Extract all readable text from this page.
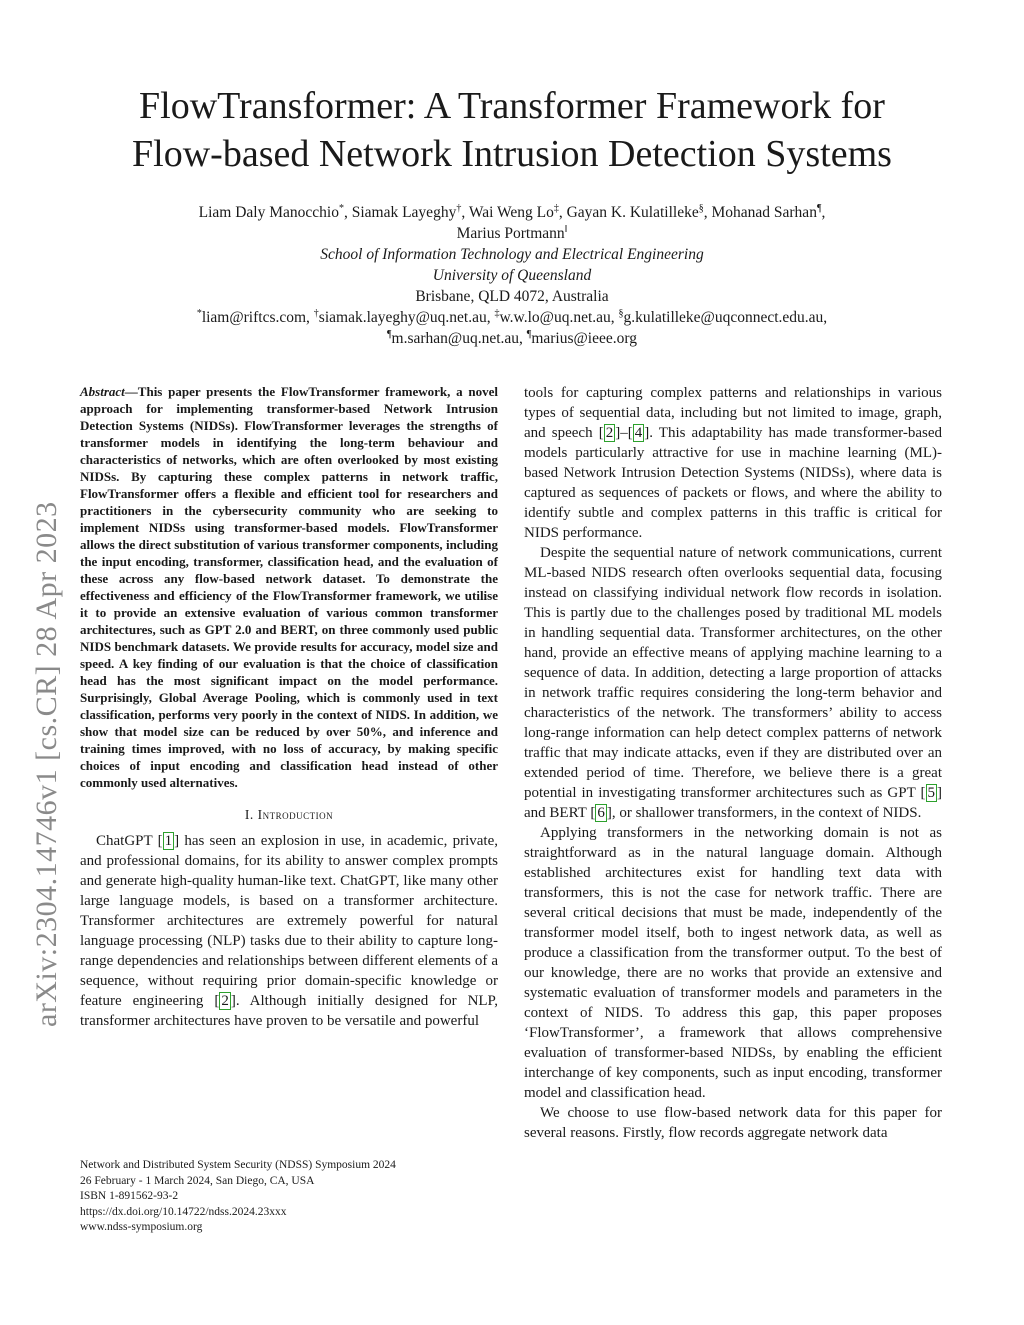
arXiv:2304.14746v1 [cs.CR] 28 Apr 2023
FlowTransformer: A Transformer Framework for
Flow-based Network Intrusion Detection Systems
Liam Daly Manocchio*, Siamak Layeghy†, Wai Weng Lo‡, Gayan K. Kulatilleke§, Mohanad Sarhan¶,
Marius Portmann‖
School of Information Technology and Electrical Engineering
University of Queensland
Brisbane, QLD 4072, Australia
*liam@riftcs.com, †siamak.layeghy@uq.net.au, ‡w.w.lo@uq.net.au, §g.kulatilleke@uqconnect.edu.au,
¶m.sarhan@uq.net.au, ¶marius@ieee.org

Abstract—This paper presents the FlowTransformer framework, a novel approach for implementing transformer-based Network Intrusion Detection Systems (NIDSs). FlowTransformer leverages the strengths of transformer models in identifying the long-term behaviour and characteristics of networks, which are often overlooked by most existing NIDSs. By capturing these complex patterns in network traffic, FlowTransformer offers a flexible and efficient tool for researchers and practitioners in the cybersecurity community who are seeking to implement NIDSs using transformer-based models. FlowTransformer allows the direct substitution of various transformer components, including the input encoding, transformer, classification head, and the evaluation of these across any flow-based network dataset. To demonstrate the effectiveness and efficiency of the FlowTransformer framework, we utilise it to provide an extensive evaluation of various common transformer architectures, such as GPT 2.0 and BERT, on three commonly used public NIDS benchmark datasets. We provide results for accuracy, model size and speed. A key finding of our evaluation is that the choice of classification head has the most significant impact on the model performance. Surprisingly, Global Average Pooling, which is commonly used in text classification, performs very poorly in the context of NIDS. In addition, we show that model size can be reduced by over 50%, and inference and training times improved, with no loss of accuracy, by making specific choices of input encoding and classification head instead of other commonly used alternatives.

I. Introduction

ChatGPT [ 1 ] has seen an explosion in use, in academic, private, and professional domains, for its ability to answer complex prompts and generate high-quality human-like text. ChatGPT, like many other large language models, is based on a transformer architecture. Transformer architectures are extremely powerful for natural language processing (NLP) tasks due to their ability to capture long-range dependencies and relationships between different elements of a sequence, without requiring prior domain-specific knowledge or feature engineering [ 2 ]. Although initially designed for NLP, transformer architectures have proven to be versatile and powerful

tools for capturing complex patterns and relationships in various types of sequential data, including but not limited to image, graph, and speech [ 2 ]–[ 4 ]. This adaptability has made transformer-based models particularly attractive for use in machine learning (ML)-based Network Intrusion Detection Systems (NIDSs), where data is captured as sequences of packets or flows, and where the ability to identify subtle and complex patterns in this traffic is critical for NIDS performance.

Despite the sequential nature of network communications, current ML-based NIDS research often overlooks sequential data, focusing instead on classifying individual network flow records in isolation. This is partly due to the challenges posed by traditional ML models in handling sequential data. Transformer architectures, on the other hand, provide an effective means of applying machine learning to a sequence of data. In addition, detecting a large proportion of attacks in network traffic requires considering the long-term behavior and characteristics of the network. The transformers’ ability to access long-range information can help detect complex patterns of network traffic that may indicate attacks, even if they are distributed over an extended period of time. Therefore, we believe there is a great potential in investigating transformer architectures such as GPT [ 5 ] and BERT [ 6 ], or shallower transformers, in the context of NIDS.

Applying transformers in the networking domain is not as straightforward as in the natural language domain. Although established architectures exist for handling text data with transformers, this is not the case for network traffic. There are several critical decisions that must be made, independently of the transformer model itself, both to ingest network data, as well as produce a classification from the transformer output. To the best of our knowledge, there are no works that provide an extensive and systematic evaluation of transformer models and parameters in the context of NIDS. To address this gap, this paper proposes ‘FlowTransformer’, a framework that allows comprehensive evaluation of transformer-based NIDSs, by enabling the efficient interchange of key components, such as input encoding, transformer model and classification head.

We choose to use flow-based network data for this paper for several reasons. Firstly, flow records aggregate network data

Network and Distributed System Security (NDSS) Symposium 2024
26 February - 1 March 2024, San Diego, CA, USA
ISBN 1-891562-93-2
https://dx.doi.org/10.14722/ndss.2024.23xxx
www.ndss-symposium.org
